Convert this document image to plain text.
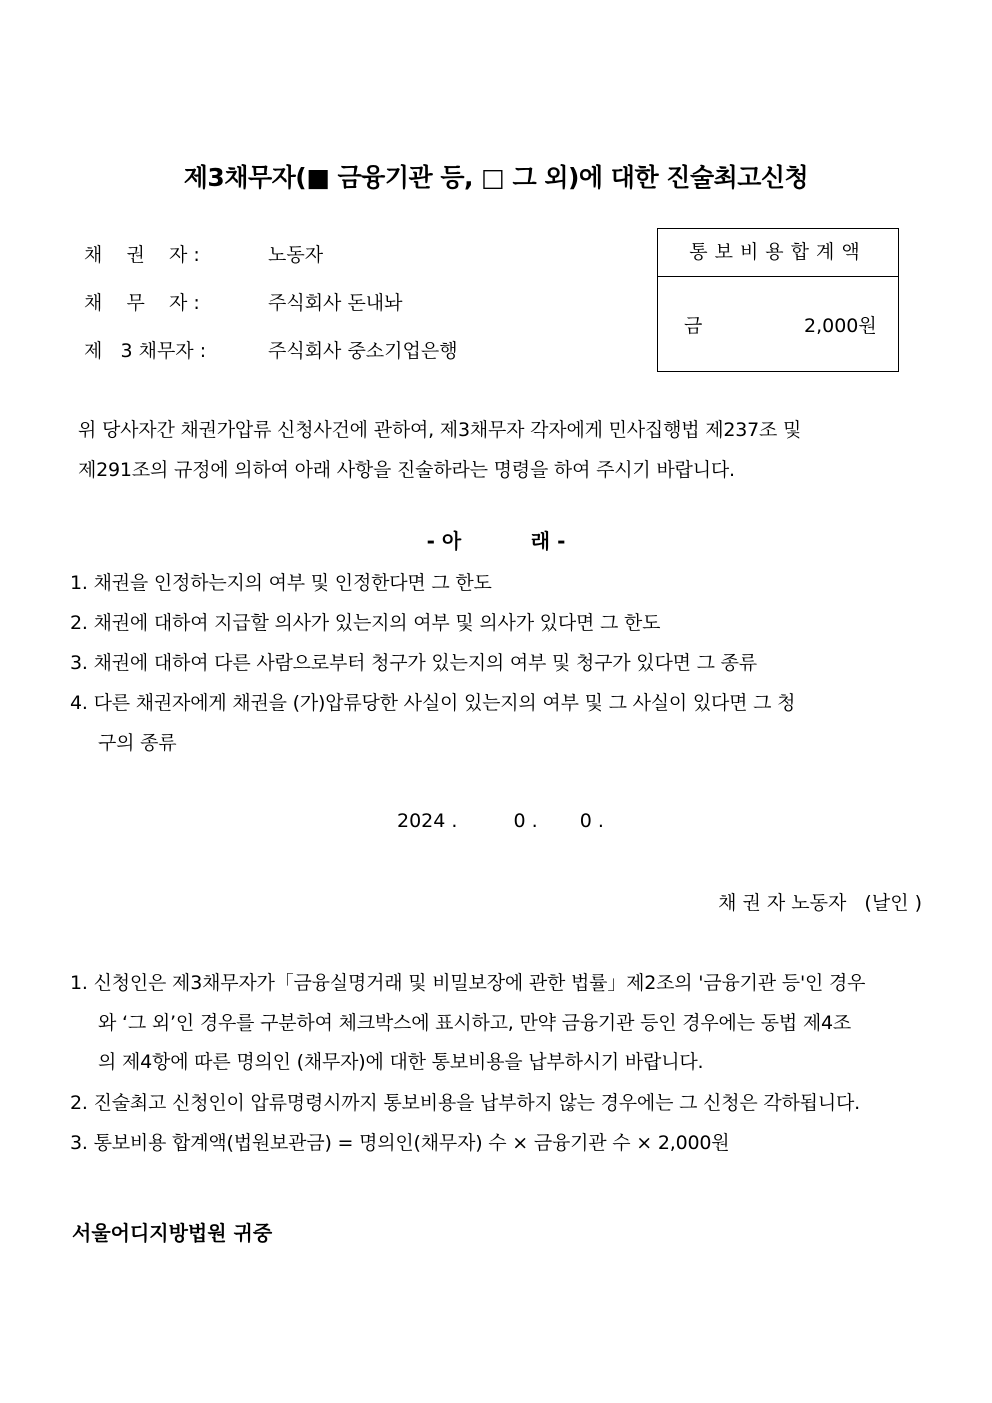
제3채무자(■ 금융기관 등, □ 그 외)에 대한 진술최고신청
채    권    자 :	노동자
채    무    자 :	주식회사 돈내놔
제   3 채무자 :	주식회사 중소기업은행
통보비용합계액
금	2,000원
위 당사자간 채권가압류 신청사건에 관하여, 제3채무자 각자에게 민사집행법 제237조 및
제291조의 규정에 의하여 아래 사항을 진술하라는 명령을 하여 주시기 바랍니다.
- 아          래 -
1. 채권을 인정하는지의 여부 및 인정한다면 그 한도
2. 채권에 대하여 지급할 의사가 있는지의 여부 및 의사가 있다면 그 한도
3. 채권에 대하여 다른 사람으로부터 청구가 있는지의 여부 및 청구가 있다면 그 종류
4. 다른 채권자에게 채권을 (가)압류당한 사실이 있는지의 여부 및 그 사실이 있다면 그 청
구의 종류
2024 .	0 . 0 .
채 권 자 노동자   (날인 )
1. 신청인은 제3채무자가「금융실명거래 및 비밀보장에 관한 법률」제2조의 '금융기관 등'인 경우
와 ‘그 외’인 경우를 구분하여 체크박스에 표시하고, 만약 금융기관 등인 경우에는 동법 제4조
의 제4항에 따른 명의인 (채무자)에 대한 통보비용을 납부하시기 바랍니다.
2. 진술최고 신청인이 압류명령시까지 통보비용을 납부하지 않는 경우에는 그 신청은 각하됩니다.
3. 통보비용 합계액(법원보관금) = 명의인(채무자) 수 × 금융기관 수 × 2,000원
서울어디지방법원 귀중
